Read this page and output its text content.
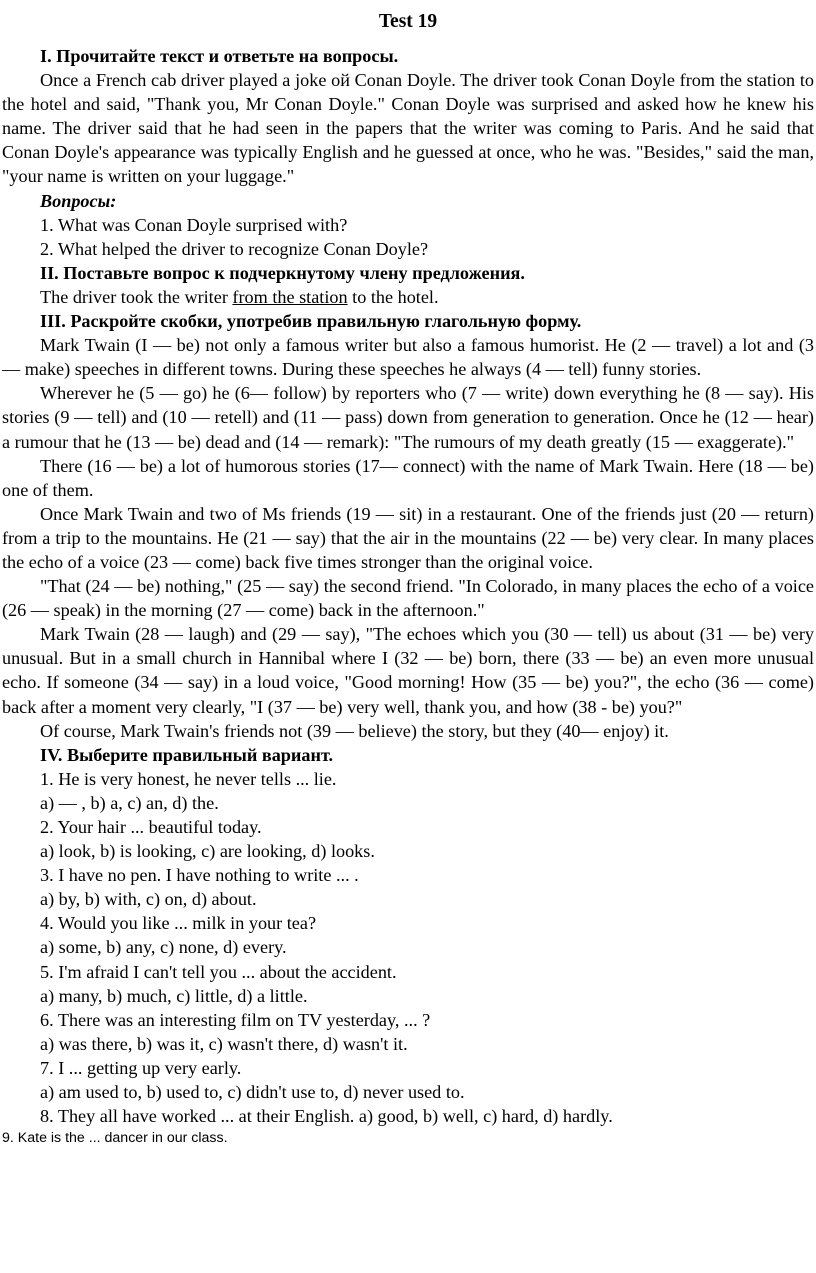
Test 19
I. Прочитайте текст и ответьте на вопросы.

Once a French cab driver played a joke ой Conan Doyle. The driver took Conan Doyle from the station to the hotel and said, "Thank you, Mr Conan Doyle." Conan Doyle was surprised and asked how he knew his name. The driver said that he had seen in the papers that the writer was coming to Paris. And he said that Conan Doyle's appearance was typically English and he guessed at once, who he was. "Besides," said the man, "your name is written on your luggage."

Вопросы:
1. What was Conan Doyle surprised with?
2. What helped the driver to recognize Conan Doyle?
II. Поставьте вопрос к подчеркнутому члену предложения.
The driver took the writer from the station to the hotel.
III. Раскройте скобки, употребив правильную глагольную форму.

Mark Twain (I — be) not only a famous writer but also a famous humorist. He (2 — travel) a lot and (3 — make) speeches in different towns. During these speeches he always (4 — tell) funny stories.

Wherever he (5 — go) he (6— follow) by reporters who (7 — write) down everything he (8 — say). His stories (9 — tell) and (10 — retell) and (11 — pass) down from generation to generation. Once he (12 — hear) a rumour that he (13 — be) dead and (14 — remark): "The rumours of my death greatly (15 — exaggerate)."

There (16 — be) a lot of humorous stories (17— connect) with the name of Mark Twain. Here (18 — be) one of them.

Once Mark Twain and two of Ms friends (19 — sit) in a restaurant. One of the friends just (20 — return) from a trip to the mountains. He (21 — say) that the air in the mountains (22 — be) very clear. In many places the echo of a voice (23 — come) back five times stronger than the original voice.

"That (24 — be) nothing," (25 — say) the second friend. "In Colorado, in many places the echo of a voice (26 — speak) in the morning (27 — come) back in the afternoon."

Mark Twain (28 — laugh) and (29 — say), "The echoes which you (30 — tell) us about (31 — be) very unusual. But in a small church in Hannibal where I (32 — be) born, there (33 — be) an even more unusual echo. If someone (34 — say) in a loud voice, "Good morning! How (35 — be) you?", the echo (36 — come) back after a moment very clearly, "I (37 — be) very well, thank you, and how (38 - be) you?"

Of course, Mark Twain's friends not (39 — believe) the story, but they (40— enjoy) it.

IV. Выберите правильный вариант.
1. He is very honest, he never tells ... lie.
a) — , b) a, c) an, d) the.
2. Your hair ... beautiful today.
a) look, b) is looking, c) are looking, d) looks.
3. I have no pen. I have nothing to write ... .
a) by, b) with, c) on, d) about.
4. Would you like ... milk in your tea?
a) some, b) any, c) none, d) every.
5. I'm afraid I can't tell you ... about the accident.
a) many, b) much, c) little, d) a little.
6. There was an interesting film on TV yesterday, ... ?
a) was there, b) was it, c) wasn't there, d) wasn't it.
7. I ... getting up very early.
a) am used to, b) used to, c) didn't use to, d) never used to.
8. They all have worked ... at their English. a) good, b) well, c) hard, d) hardly.
9. Kate is the ... dancer in our class.
